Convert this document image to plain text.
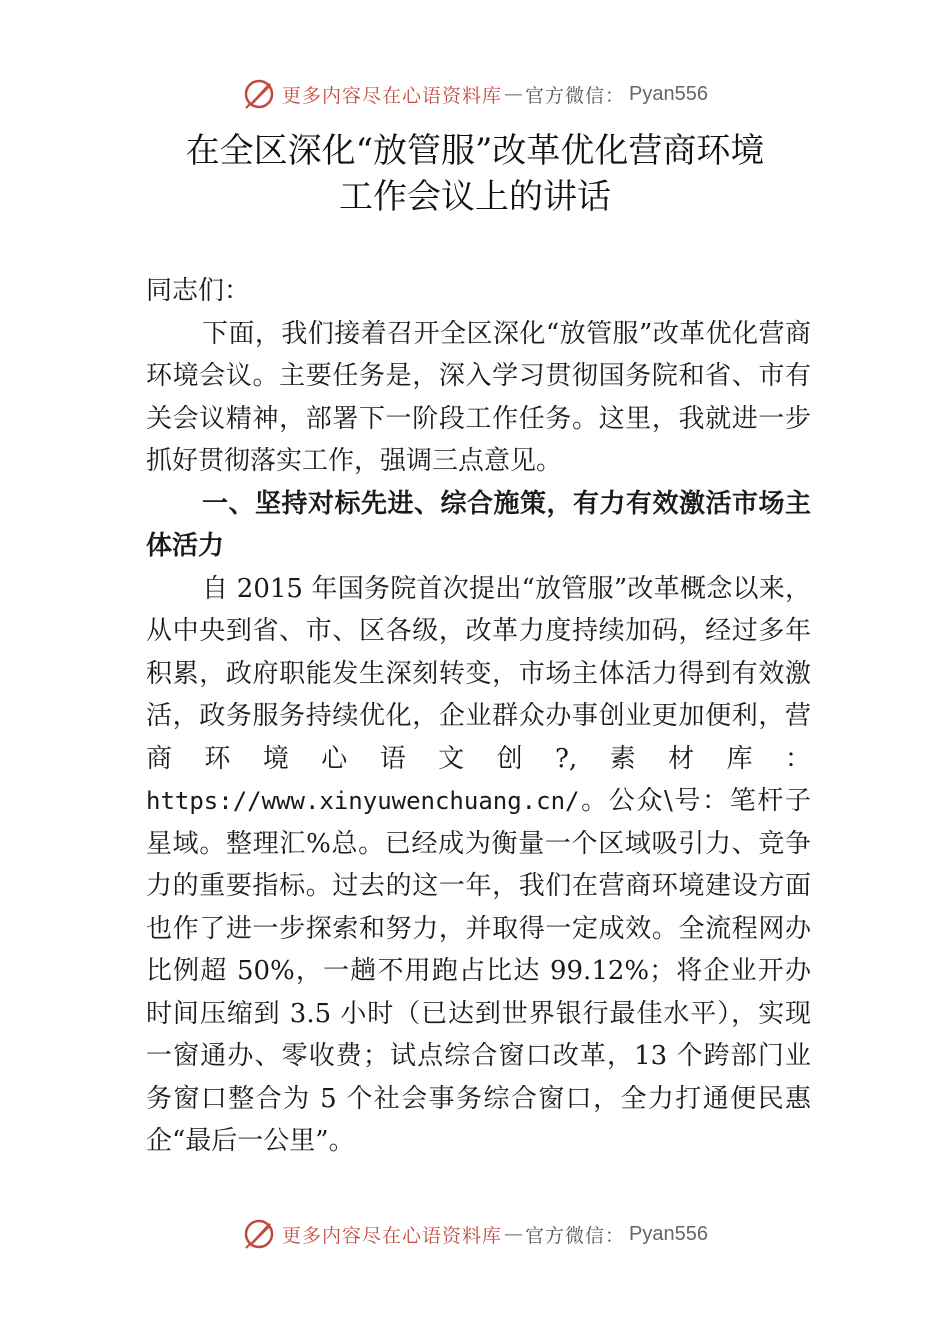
更多内容尽在心语资料库 — 官方微信： Pyan556
在全区深化“放管服”改革优化营商环境
工作会议上的讲话

同志们：

下面，我们接着召开全区深化“放管服”改革优化营商环境会议。主要任务是，深入学习贯彻国务院和省、市有关会议精神，部署下一阶段工作任务。这里，我就进一步抓好贯彻落实工作，强调三点意见。

一、坚持对标先进、综合施策，有力有效激活市场主体活力

自 2015 年国务院首次提出“放管服”改革概念以来，从中央到省、市、区各级，改革力度持续加码，经过多年积累，政府职能发生深刻转变，市场主体活力得到有效激活，政务服务持续优化，企业群众办事创业更加便利，营商环境心语文创?,素材库：https://www.xinyuwenchuang.cn/。公众\号：笔杆子星域。整理汇%总。已经成为衡量一个区域吸引力、竞争力的重要指标。过去的这一年，我们在营商环境建设方面也作了进一步探索和努力，并取得一定成效。全流程网办比例超 50%，一趟不用跑占比达 99.12%；将企业开办时间压缩到 3.5 小时（已达到世界银行最佳水平），实现一窗通办、零收费；试点综合窗口改革，13 个跨部门业务窗口整合为 5 个社会事务综合窗口，全力打通便民惠企“最后一公里”。

更多内容尽在心语资料库 — 官方微信： Pyan556
